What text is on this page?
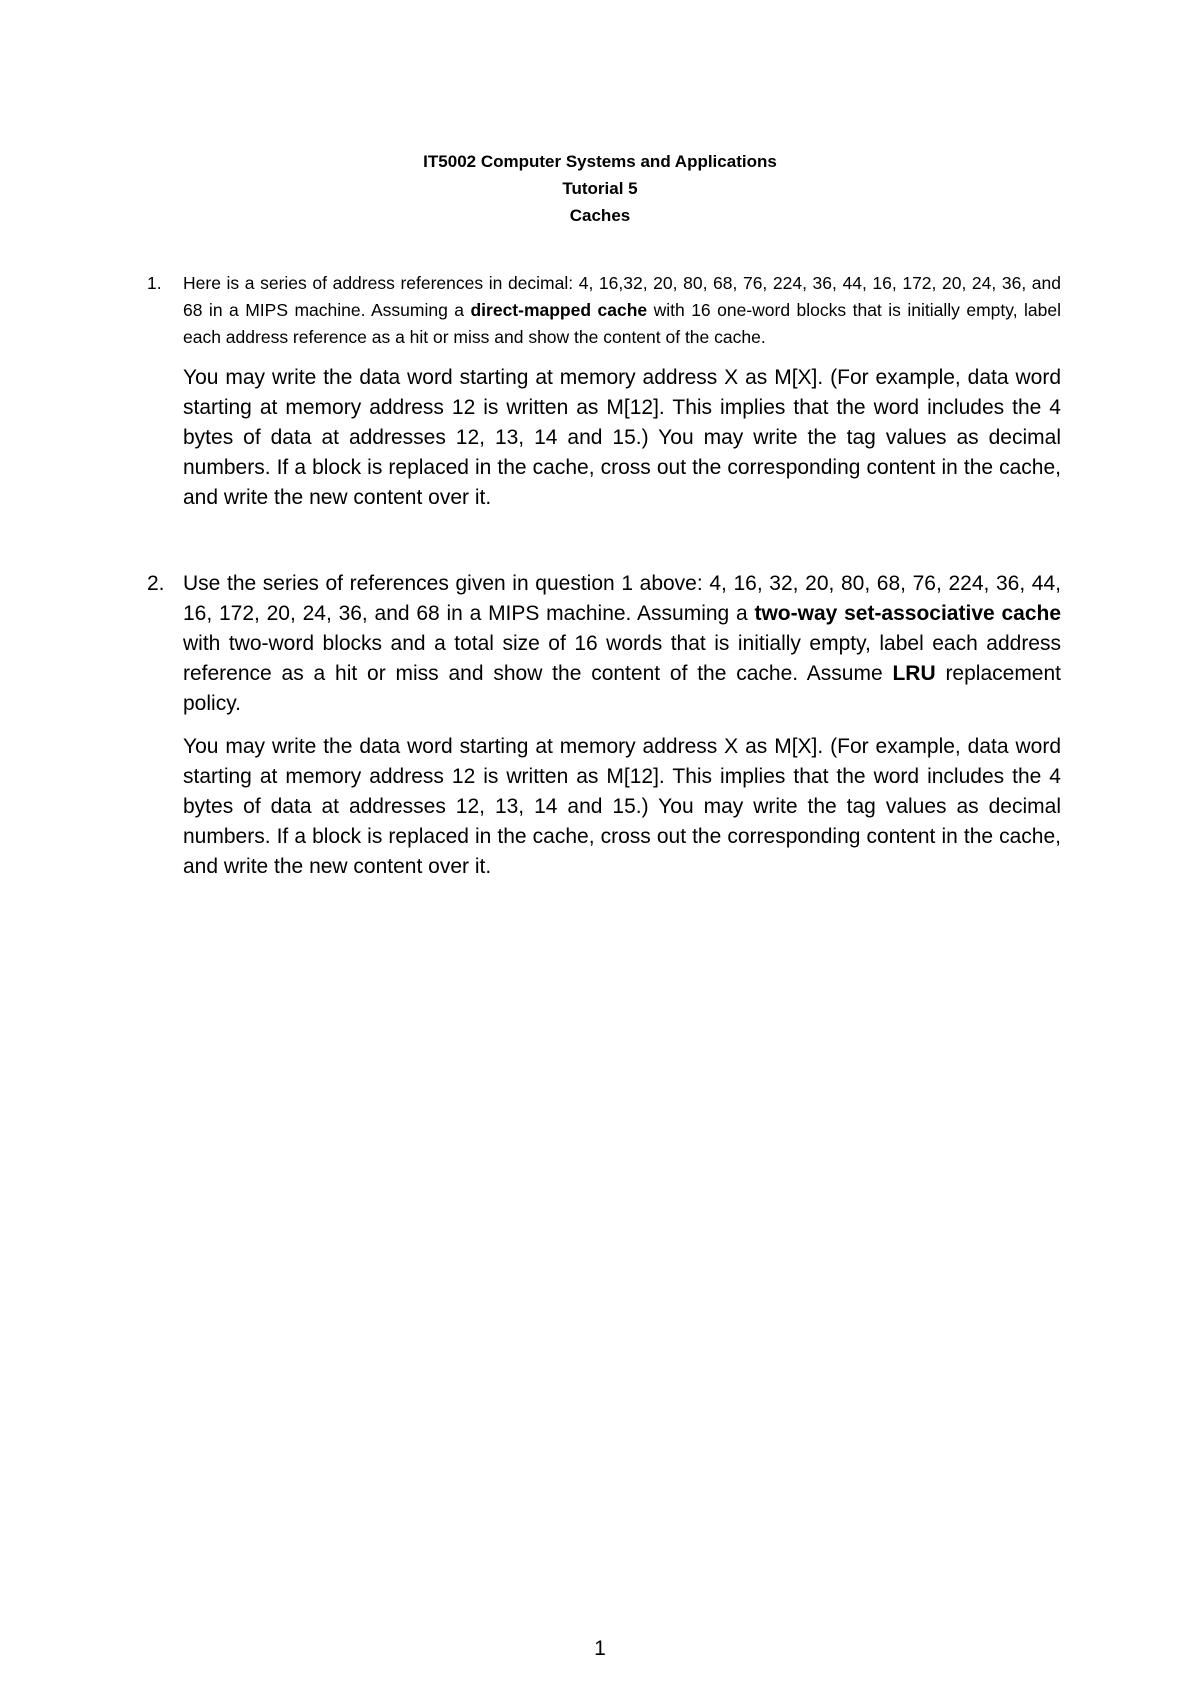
IT5002 Computer Systems and Applications
Tutorial 5
Caches
1. Here is a series of address references in decimal: 4, 16,32, 20, 80, 68, 76, 224, 36, 44, 16, 172, 20, 24, 36, and 68 in a MIPS machine. Assuming a direct-mapped cache with 16 one-word blocks that is initially empty, label each address reference as a hit or miss and show the content of the cache.

You may write the data word starting at memory address X as M[X]. (For example, data word starting at memory address 12 is written as M[12]. This implies that the word includes the 4 bytes of data at addresses 12, 13, 14 and 15.) You may write the tag values as decimal numbers. If a block is replaced in the cache, cross out the corresponding content in the cache, and write the new content over it.

2. Use the series of references given in question 1 above: 4, 16, 32, 20, 80, 68, 76, 224, 36, 44, 16, 172, 20, 24, 36, and 68 in a MIPS machine. Assuming a two-way set-associative cache with two-word blocks and a total size of 16 words that is initially empty, label each address reference as a hit or miss and show the content of the cache. Assume LRU replacement policy.

You may write the data word starting at memory address X as M[X]. (For example, data word starting at memory address 12 is written as M[12]. This implies that the word includes the 4 bytes of data at addresses 12, 13, 14 and 15.) You may write the tag values as decimal numbers. If a block is replaced in the cache, cross out the corresponding content in the cache, and write the new content over it.

1
